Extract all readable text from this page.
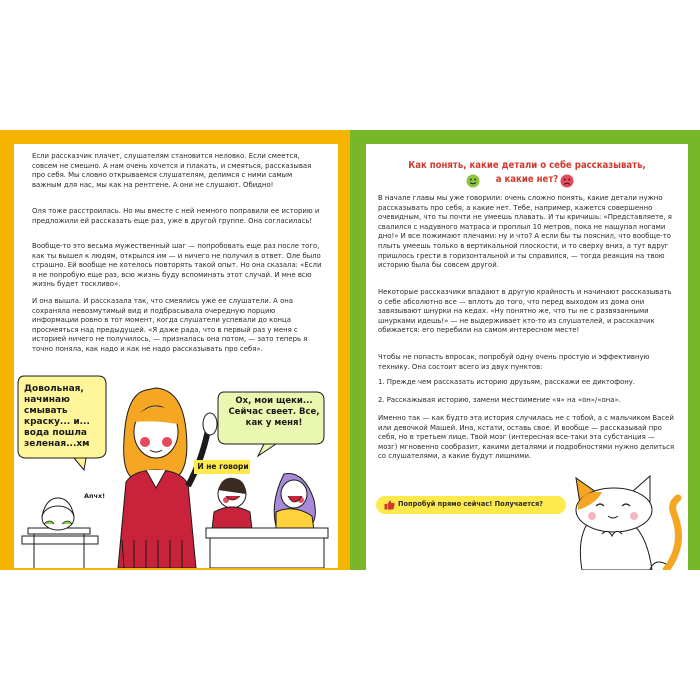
Если рассказчик плачет, слушателям становится неловко. Если смеется, совсем не смешно. А нам очень хочется и плакать, и смеяться, рассказывая про себя. Мы словно открываемся слушателям, делимся с ними самым важным для нас, мы как на рентгене. А они не слушают. Обидно!

Оля тоже расстроилась. Но мы вместе с ней немного поправили ее историю и предложили ей рассказать еще раз, уже в другой группе. Она согласилась!

Вообще-то это весьма мужественный шаг — попробовать еще раз после того, как ты вышел к людям, открылся им — и ничего не получил в ответ. Оле было страшно. Ей вообще не хотелось повторять такой опыт. Но она сказала: «Если я не попробую еще раз, всю жизнь буду вспоминать этот случай. И мне всю жизнь будет тоскливо».

И она вышла. И рассказала так, что смеялись уже ее слушатели. А она сохраняла невозмутимый вид и подбрасывала очередную порцию информации ровно в тот момент, когда слушатели успевали до конца просмеяться над предыдущей. «Я даже рада, что в первый раз у меня с историей ничего не получилось, — призналась она потом, — зато теперь я точно поняла, как надо и как не надо рассказывать про себя».

Довольная, начинаю смывать краску... и... вода пошла зеленая...хм
Ох, мои щеки... Сейчас свеет. Все, как у меня!
И не говори
Апчх!

Как понять, какие детали о себе рассказывать,

а какие нет?

В начале главы мы уже говорили: очень сложно понять, какие детали нужно рассказывать про себя, а какие нет. Тебе, например, кажется совершенно очевидным, что ты почти не умеешь плавать. И ты кричишь: «Представляете, я свалился с надувного матраса и проплыл 10 метров, пока не нащупал ногами дно!» И все пожимают плечами: ну и что? А если бы ты пояснил, что вообще-то плыть умеешь только в вертикальной плоскости, и то сверху вниз, а тут вдруг пришлось грести в горизонтальной и ты справился, — тогда реакция на твою историю была бы совсем другой.

Некоторые рассказчики впадают в другую крайность и начинают рассказывать о себе абсолютно все — вплоть до того, что перед выходом из дома они завязывают шнурки на кедах. «Ну понятно же, что ты не с развязанными шнурками идешь!» — не выдерживает кто-то из слушателей, и рассказчик обижается: его перебили на самом интересном месте!

Чтобы не попасть впросак, попробуй одну очень простую и эффективную технику. Она состоит всего из двух пунктов:

1. Прежде чем рассказать историю друзьям, расскажи ее диктофону.

2. Расскажывая историю, замени местоимение «я» на «он»/«она».

Именно так — как будто эта история случилась не с тобой, а с мальчиком Васей или девочкой Машей. Ина, кстати, оставь свое. И вообще — рассказывай про себя, но в третьем лице. Твой мозг (интересная все-таки эта субстанция — мозг) мгновенно сообразит, какими деталями и подробностями нужно делиться со слушателями, а какие будут лишними.

Попробуй прямо сейчас! Получается?
